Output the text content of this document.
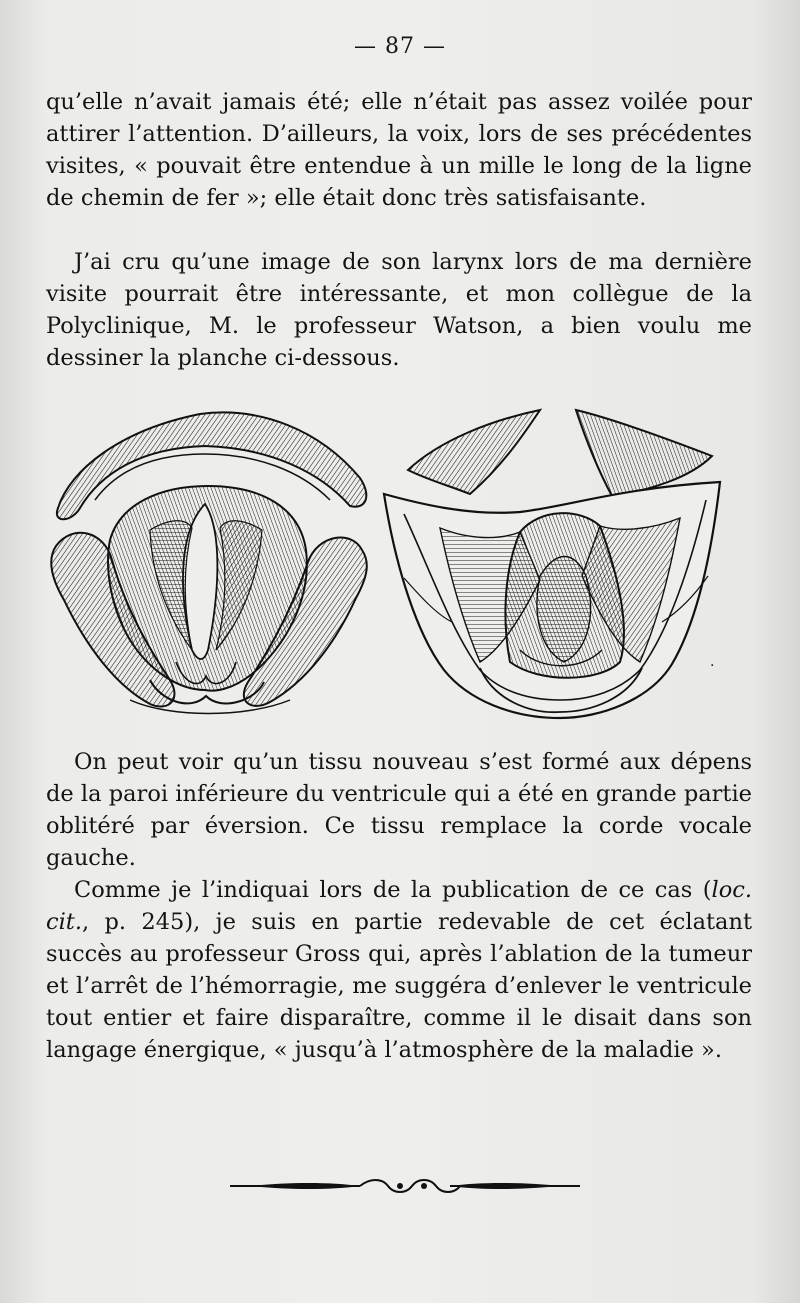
— 87 —

qu’elle n’avait jamais été; elle n’était pas assez voilée pour attirer l’attention. D’ailleurs, la voix, lors de ses précédentes visites, « pouvait être entendue à un mille le long de la ligne de chemin de fer »; elle était donc très satisfaisante.

J’ai cru qu’une image de son larynx lors de ma dernière visite pourrait être intéressante, et mon collègue de la Polyclinique, M. le professeur Watson, a bien voulu me dessiner la planche ci-dessous.

.

On peut voir qu’un tissu nouveau s’est formé aux dépens de la paroi inférieure du ventricule qui a été en grande partie oblitéré par éversion. Ce tissu remplace la corde vocale gauche.

Comme je l’indiquai lors de la publication de ce cas (loc. cit., p. 245), je suis en partie redevable de cet éclatant succès au professeur Gross qui, après l’ablation de la tumeur et l’arrêt de l’hémorragie, me suggéra d’enlever le ventricule tout entier et faire disparaître, comme il le disait dans son langage énergique, « jusqu’à l’atmosphère de la maladie ».
